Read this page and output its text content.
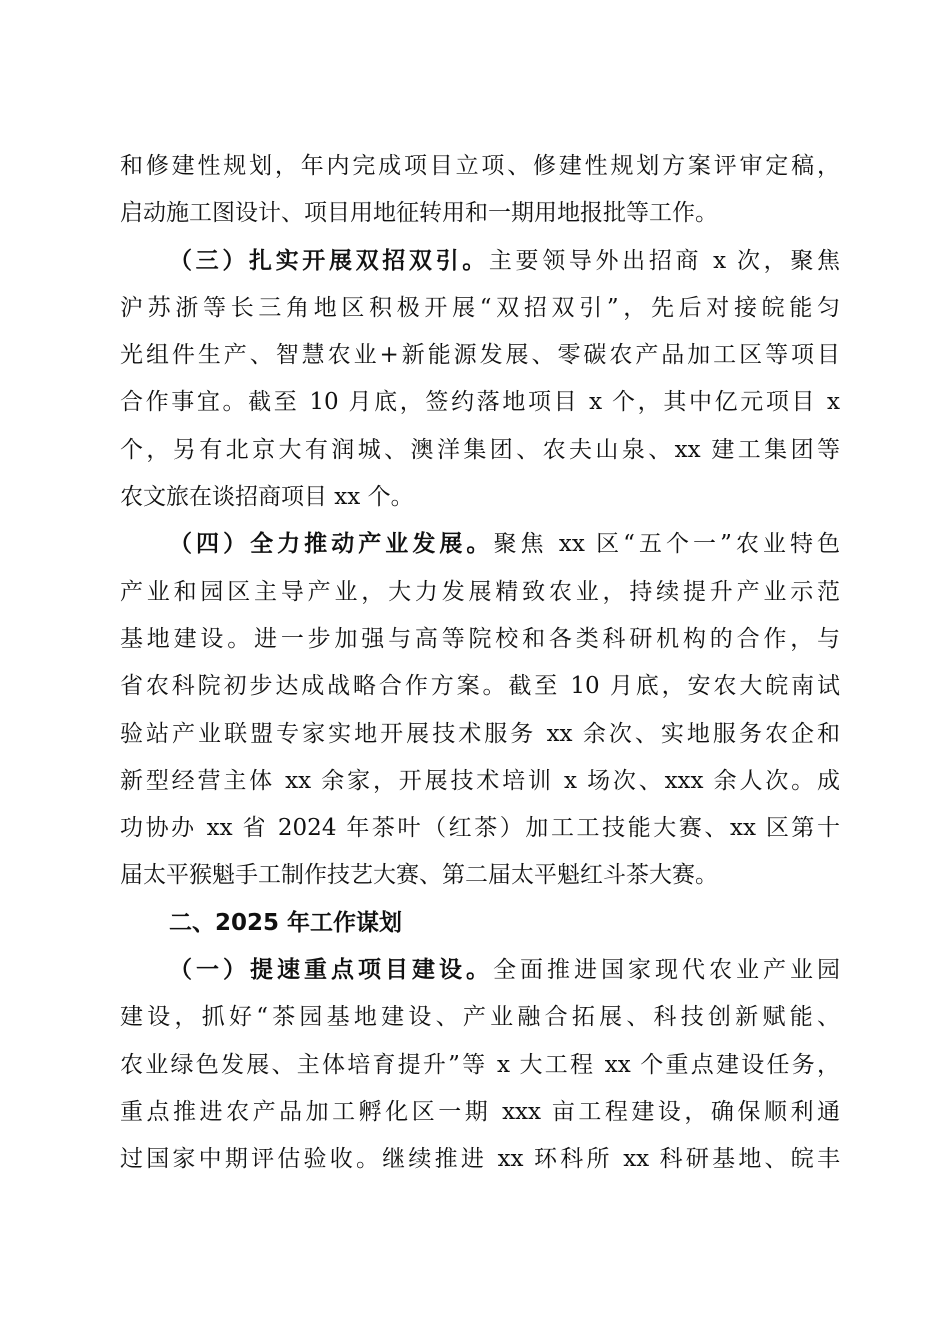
和修建性规划，年内完成项目立项、修建性规划方案评审定稿，
启动施工图设计、项目用地征转用和一期用地报批等工作。
（三）扎实开展双招双引。主要领导外出招商 x 次，聚焦
沪苏浙等长三角地区积极开展“双招双引”，先后对接皖能匀
光组件生产、智慧农业+新能源发展、零碳农产品加工区等项目
合作事宜。截至 10 月底，签约落地项目 x 个，其中亿元项目 x
个，另有北京大有润城、澳洋集团、农夫山泉、xx 建工集团等
农文旅在谈招商项目 xx 个。
（四）全力推动产业发展。聚焦 xx 区“五个一”农业特色
产业和园区主导产业，大力发展精致农业，持续提升产业示范
基地建设。进一步加强与高等院校和各类科研机构的合作，与
省农科院初步达成战略合作方案。截至 10 月底，安农大皖南试
验站产业联盟专家实地开展技术服务 xx 余次、实地服务农企和
新型经营主体 xx 余家，开展技术培训 x 场次、xxx 余人次。成
功协办 xx 省 2024 年茶叶（红茶）加工工技能大赛、xx 区第十
届太平猴魁手工制作技艺大赛、第二届太平魁红斗茶大赛。
二、2025 年工作谋划
（一）提速重点项目建设。全面推进国家现代农业产业园
建设，抓好“茶园基地建设、产业融合拓展、科技创新赋能、
农业绿色发展、主体培育提升”等 x 大工程 xx 个重点建设任务，
重点推进农产品加工孵化区一期 xxx 亩工程建设，确保顺利通
过国家中期评估验收。继续推进 xx 环科所 xx 科研基地、皖丰
